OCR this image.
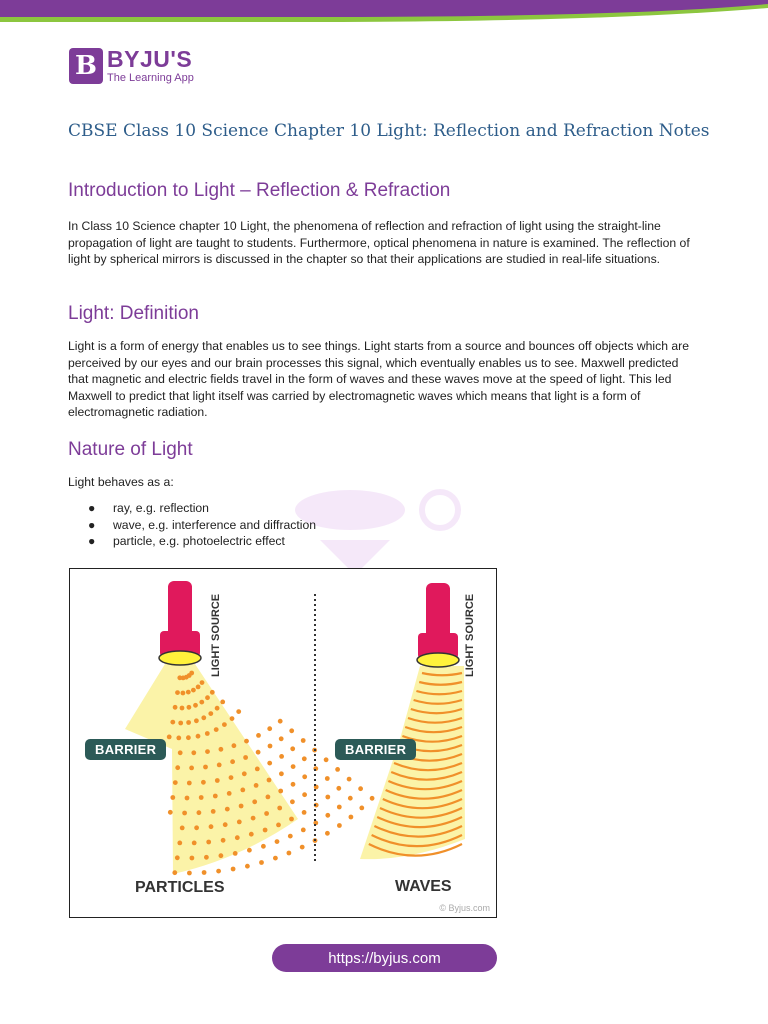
B BYJU'S
The Learning App
CBSE Class 10 Science Chapter 10 Light: Reflection and Refraction Notes
Introduction to Light – Reflection & Refraction

In Class 10 Science chapter 10 Light, the phenomena of reflection and refraction of light using the straight-line propagation of light are taught to students. Furthermore, optical phenomena in nature is examined. The reflection of light by spherical mirrors is discussed in the chapter so that their applications are studied in real-life situations.

Light: Definition

Light is a form of energy that enables us to see things. Light starts from a source and bounces off objects which are perceived by our eyes and our brain processes this signal, which eventually enables us to see. Maxwell predicted that magnetic and electric fields travel in the form of waves and these waves move at the speed of light. This led Maxwell to predict that light itself was carried by electromagnetic waves which means that light is a form of electromagnetic radiation.

Nature of Light

Light behaves as a:

●	ray, e.g. reflection
●	wave, e.g. interference and diffraction
●	particle, e.g. photoelectric effect
LIGHT SOURCE	LIGHT SOURCE
BARRIER	BARRIER
PARTICLES	WAVES
© Byjus.com
https://byjus.com
